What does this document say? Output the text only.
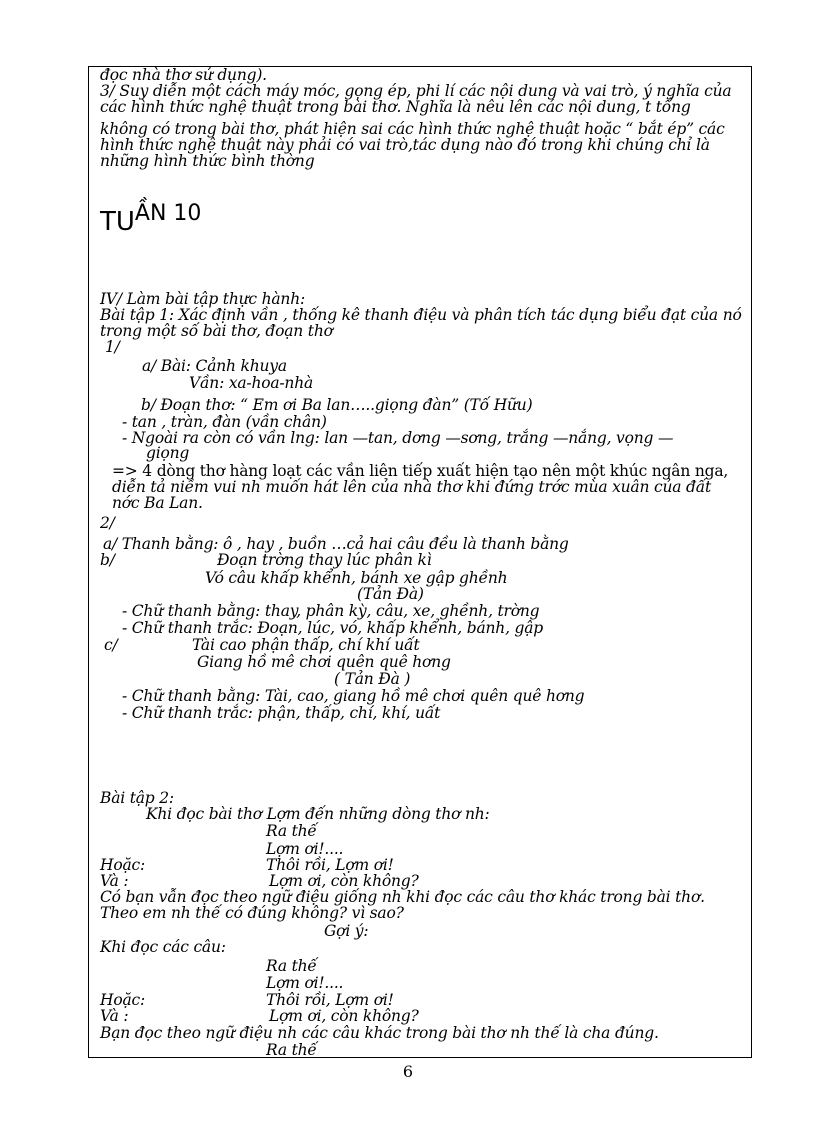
đọc nhà thơ sử dụng).
3/ Suy diễn một cách máy móc, gọng ép, phi lí các nội dung và vai trò, ý nghĩa của
các hình thức nghệ thuật trong bài thơ. Nghĩa là nêu lên các nội dung, t tổng
không có trong bài thơ, phát hiện sai các hình thức nghệ thuật hoặc “ bắt ép” các
hình thức nghệ thuật này phải có vai trò,tác dụng nào đó trong khi chúng chỉ là
những hình thức bình thờng
TUẦN 10
IV/ Làm bài tập thực hành:
Bài tập 1: Xác định vần , thống kê thanh điệu và phân tích tác dụng biểu đạt của nó
trong một số bài thơ, đoạn thơ
1/
a/ Bài: Cảnh khuya
Vần: xa-hoa-nhà
b/ Đoạn thơ: “ Em ơi Ba lan…..giọng đàn” (Tố Hữu)
- tan , tràn, đàn (vần chân)
- Ngoài ra còn có vần lng: lan —tan, dơng —sơng, trắng —nắng, vọng —
giọng
=> 4 dòng thơ hàng loạt các vần liên tiếp xuất hiện tạo nên một khúc ngân nga,
diễn tả niềm vui nh muốn hát lên của nhà thơ khi đứng trớc mùa xuân của đất
nớc Ba Lan.
2/
a/ Thanh bằng: ô , hay , buồn …cả hai câu đều là thanh bằng
b/	Đoạn trờng thay lúc phân kì
Vó câu khấp khểnh, bánh xe gập ghềnh
(Tản Đà)
- Chữ thanh bằng: thay, phân kỳ, câu, xe, ghềnh, trờng
- Chữ thanh trắc: Đoạn, lúc, vó, khấp khểnh, bánh, gập
c/	Tài cao phận thấp, chí khí uất
Giang hồ mê chơi quên quê hơng
( Tản Đà )
- Chữ thanh bằng: Tài, cao, giang hồ mê chơi quên quê hơng
- Chữ thanh trắc: phận, thấp, chí, khí, uất
Bài tập 2:
Khi đọc bài thơ Lợm đến những dòng thơ nh:
Ra thế
Lợm ơi!....
Hoặc:	Thôi rồi, Lợm ơi!
Và :	Lợm ơi, còn không?
Có bạn vẫn đọc theo ngữ điệu giống nh khi đọc các câu thơ khác trong bài thơ.
Theo em nh thế có đúng không? vì sao?
Gợi ý:
Khi đọc các câu:
Ra thế
Lợm ơi!....
Hoặc:	Thôi rồi, Lợm ơi!
Và :	Lợm ơi, còn không?
Bạn đọc theo ngữ điệu nh các câu khác trong bài thơ nh thế là cha đúng.
Ra thế
6
